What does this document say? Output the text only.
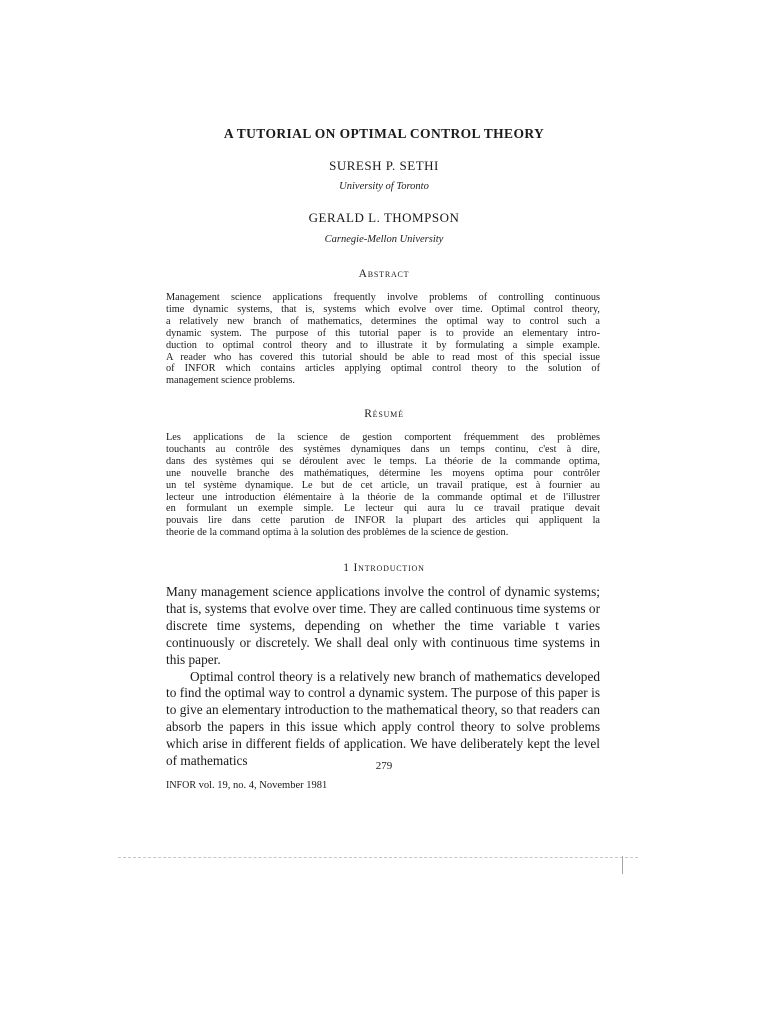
A TUTORIAL ON OPTIMAL CONTROL THEORY
SURESH P. SETHI
University of Toronto
GERALD L. THOMPSON
Carnegie-Mellon University
Abstract
Management science applications frequently involve problems of controlling continuous
time dynamic systems, that is, systems which evolve over time. Optimal control theory,
a relatively new branch of mathematics, determines the optimal way to control such a
dynamic system. The purpose of this tutorial paper is to provide an elementary intro-
duction to optimal control theory and to illustrate it by formulating a simple example.
A reader who has covered this tutorial should be able to read most of this special issue
of INFOR which contains articles applying optimal control theory to the solution of
management science problems.
Résumé
Les applications de la science de gestion comportent fréquemment des problèmes
touchants au contrôle des systèmes dynamiques dans un temps continu, c'est à dire,
dans des systèmes qui se déroulent avec le temps. La théorie de la commande optima,
une nouvelle branche des mathématiques, détermine les moyens optima pour contrôler
un tel système dynamique. Le but de cet article, un travail pratique, est à fournier au
lecteur une introduction élémentaire à la théorie de la commande optimal et de l'illustrer
en formulant un exemple simple. Le lecteur qui aura lu ce travail pratique devait
pouvais lire dans cette parution de INFOR la plupart des articles qui appliquent la
theorie de la command optima à la solution des problèmes de la science de gestion.
1 Introduction

Many management science applications involve the control of dynamic systems; that is, systems that evolve over time. They are called continuous time systems or discrete time systems, depending on whether the time variable t varies continuously or discretely. We shall deal only with continuous time systems in this paper.

Optimal control theory is a relatively new branch of mathematics developed to find the optimal way to control a dynamic system. The purpose of this paper is to give an elementary introduction to the mathematical theory, so that readers can absorb the papers in this issue which apply control theory to solve problems which arise in different fields of application. We have deliberately kept the level of mathematics	279
INFOR vol. 19, no. 4, November 1981
